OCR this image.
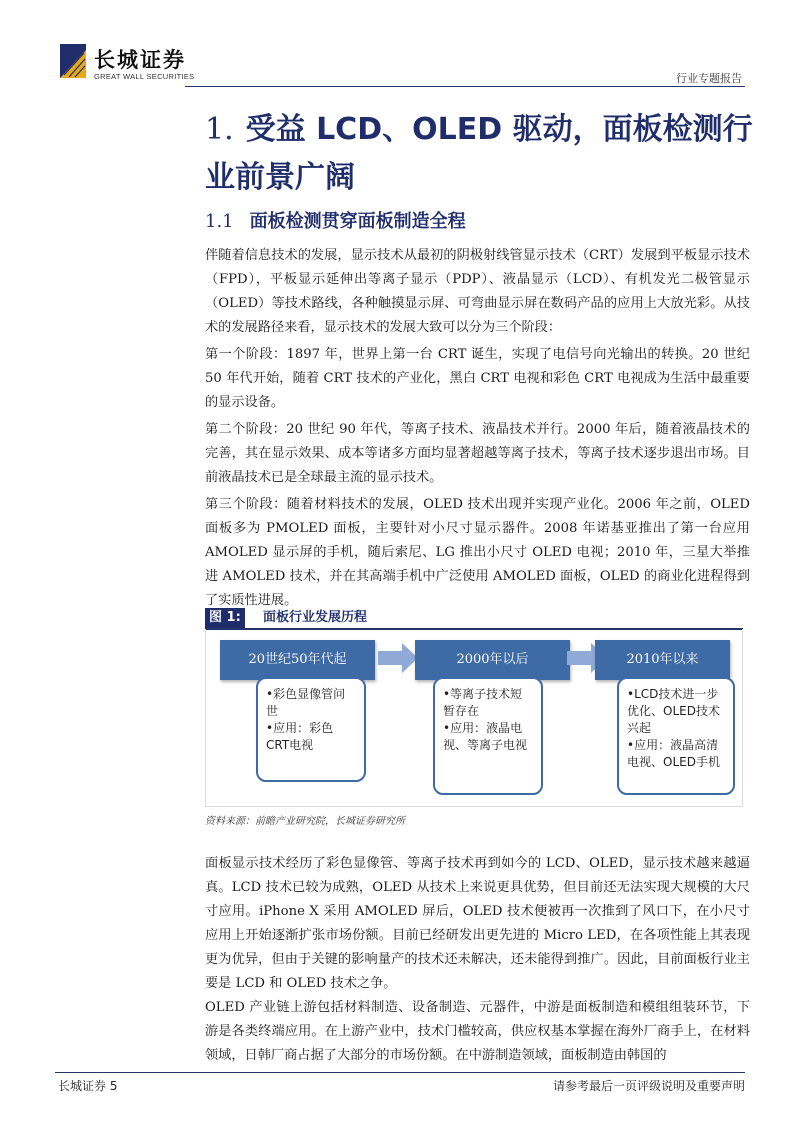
长城证券
GREAT WALL SECURITIES	行业专题报告
1. 受益 LCD、OLED 驱动，面板检测行业前景广阔
1.1 面板检测贯穿面板制造全程

伴随着信息技术的发展，显示技术从最初的阴极射线管显示技术（CRT）发展到平板显示技术（FPD），平板显示延伸出等离子显示（PDP）、液晶显示（LCD）、有机发光二极管显示（OLED）等技术路线，各种触摸显示屏、可弯曲显示屏在数码产品的应用上大放光彩。从技术的发展路径来看，显示技术的发展大致可以分为三个阶段：

第一个阶段：1897 年，世界上第一台 CRT 诞生，实现了电信号向光输出的转换。20 世纪 50 年代开始，随着 CRT 技术的产业化，黑白 CRT 电视和彩色 CRT 电视成为生活中最重要的显示设备。

第二个阶段：20 世纪 90 年代，等离子技术、液晶技术并行。2000 年后，随着液晶技术的完善，其在显示效果、成本等诸多方面均显著超越等离子技术，等离子技术逐步退出市场。目前液晶技术已是全球最主流的显示技术。

第三个阶段：随着材料技术的发展，OLED 技术出现并实现产业化。2006 年之前，OLED 面板多为 PMOLED 面板，主要针对小尺寸显示器件。2008 年诺基亚推出了第一台应用 AMOLED 显示屏的手机，随后索尼、LG 推出小尺寸 OLED 电视；2010 年，三星大举推进 AMOLED 技术，并在其高端手机中广泛使用 AMOLED 面板，OLED 的商业化进程得到了实质性进展。

图 1:	面板行业发展历程
20世纪50年代起
•彩色显像管问世
•应用：彩色CRT电视
2000年以后
•等离子技术短暂存在
•应用：液晶电视、等离子电视
2010年以来
•LCD技术进一步优化、OLED技术兴起
•应用：液晶高清电视、OLED手机
资料来源：前瞻产业研究院，长城证券研究所

面板显示技术经历了彩色显像管、等离子技术再到如今的 LCD、OLED，显示技术越来越逼真。LCD 技术已较为成熟，OLED 从技术上来说更具优势，但目前还无法实现大规模的大尺寸应用。iPhone X 采用 AMOLED 屏后，OLED 技术便被再一次推到了风口下，在小尺寸应用上开始逐渐扩张市场份额。目前已经研发出更先进的 Micro LED，在各项性能上其表现更为优异，但由于关键的影响量产的技术还未解决，还未能得到推广。因此，目前面板行业主要是 LCD 和 OLED 技术之争。

OLED 产业链上游包括材料制造、设备制造、元器件，中游是面板制造和模组组装环节，下游是各类终端应用。在上游产业中，技术门槛较高，供应权基本掌握在海外厂商手上，在材料领域，日韩厂商占据了大部分的市场份额。在中游制造领域，面板制造由韩国的

长城证券 5	请参考最后一页评级说明及重要声明
